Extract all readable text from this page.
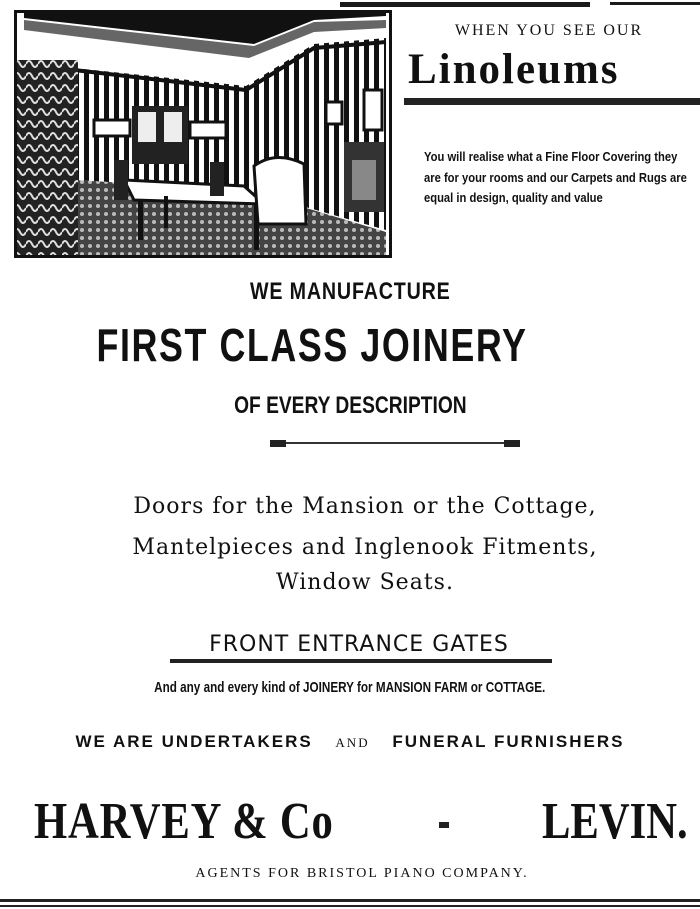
WHEN YOU SEE OUR
Linoleums
You will realise what a Fine Floor Covering they are for your rooms and our Carpets and Rugs are equal in design, quality and value
WE MANUFACTURE
FIRST CLASS JOINERY
OF EVERY DESCRIPTION
Doors for the Mansion or the Cottage,
Mantelpieces and Inglenook Fitments,
Window Seats.
FRONT ENTRANCE GATES
And any and every kind of JOINERY for MANSION FARM or COTTAGE.
WE ARE UNDERTAKERS AND FUNERAL FURNISHERS
HARVEY & Co	LEVIN.
AGENTS FOR BRISTOL PIANO COMPANY.
